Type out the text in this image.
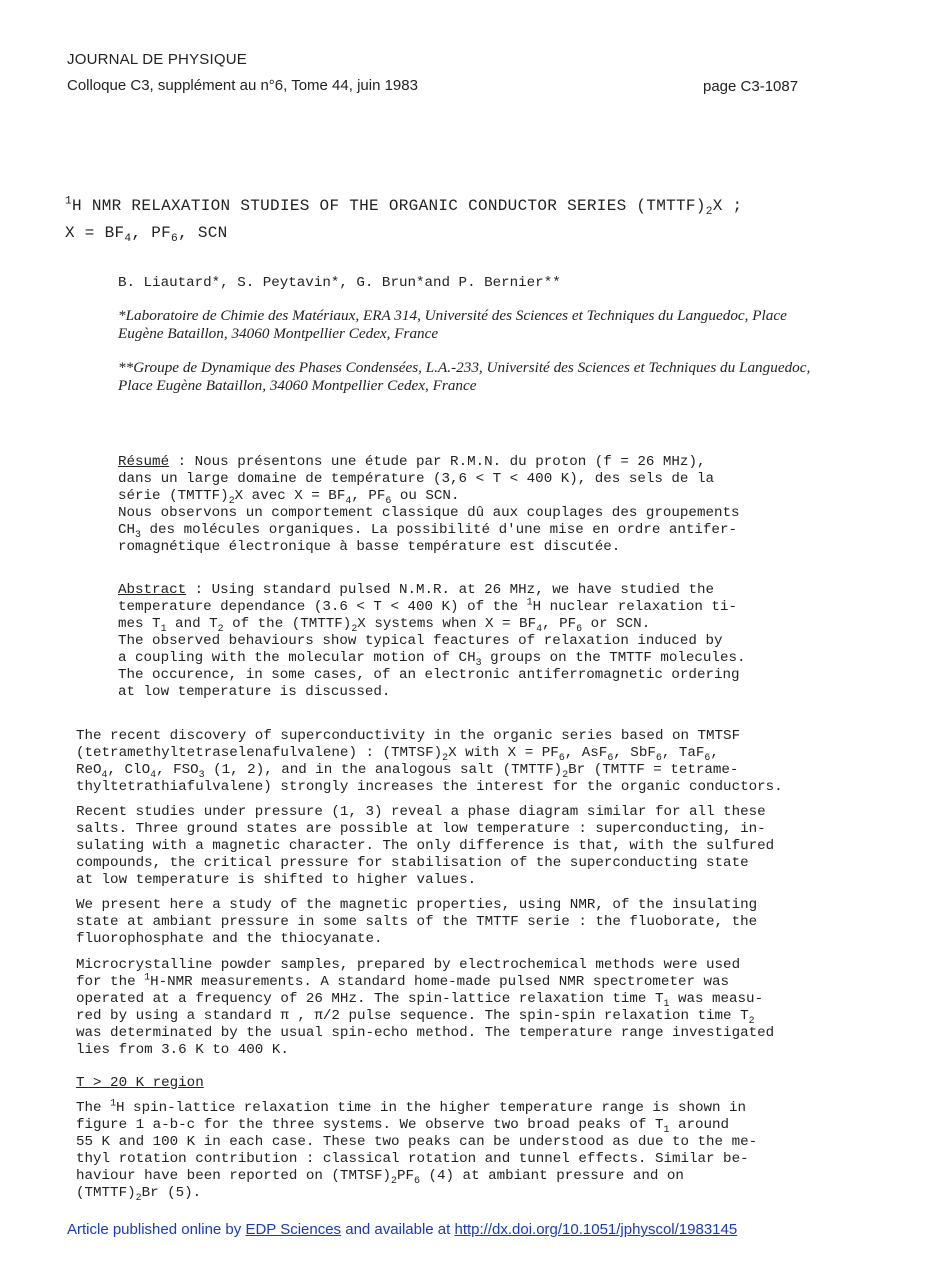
JOURNAL DE PHYSIQUE
Colloque C3, supplément au n°6, Tome 44, juin 1983	page C3-1087
$^1$H NMR RELAXATION STUDIES OF THE ORGANIC CONDUCTOR SERIES $(TMTTF)_2X$ ;
$X = BF_4$, $PF_6$, SCN
B. Liautard*, S. Peytavin*, G. Brun*and P. Bernier**
*Laboratoire de Chimie des Matériaux, ERA 314, Université des Sciences et Techniques du Languedoc, Place Eugène Bataillon, 34060 Montpellier Cedex, France
**Groupe de Dynamique des Phases Condensées, L.A.-233, Université des Sciences et Techniques du Languedoc, Place Eugène Bataillon, 34060 Montpellier Cedex, France

Résumé : Nous présentons une étude par R.M.N. du proton (f = 26 MHz),

dans un large domaine de température (3,6 < T < 400 K), des sels de la

série $(TMTTF)_2X$ avec $X = BF_4$, $PF_6$ ou SCN.

Nous observons un comportement classique dû aux couplages des groupements

$CH_3$ des molécules organiques. La possibilité d'une mise en ordre antifer-

romagnétique électronique à basse température est discutée.

Abstract : Using standard pulsed N.M.R. at 26 MHz, we have studied the

temperature dependance (3.6 < T < 400 K) of the $^1$H nuclear relaxation ti-

mes $T_1$ and $T_2$ of the $(TMTTF)_2X$ systems when $X = BF_4$, $PF_6$ or SCN.

The observed behaviours show typical feactures of relaxation induced by

a coupling with the molecular motion of $CH_3$ groups on the TMTTF molecules.

The occurence, in some cases, of an electronic antiferromagnetic ordering

at low temperature is discussed.

The recent discovery of superconductivity in the organic series based on TMTSF

(tetramethyltetraselenafulvalene) : $(TMTSF)_2X$ with $X = PF_6$, AsF$_6$, SbF$_6$, TaF$_6$,

ReO$_4$, ClO$_4$, $FSO_3$ (1, 2), and in the analogous salt $(TMTTF)_2Br$ (TMTTF = tetrame-

thyltetrathiafulvalene) strongly increases the interest for the organic conductors.

Recent studies under pressure (1, 3) reveal a phase diagram similar for all these

salts. Three ground states are possible at low temperature : superconducting, in-

sulating with a magnetic character. The only difference is that, with the sulfured

compounds, the critical pressure for stabilisation of the superconducting state

at low temperature is shifted to higher values.

We present here a study of the magnetic properties, using NMR, of the insulating

state at ambiant pressure in some salts of the TMTTF serie : the fluoborate, the

fluorophosphate and the thiocyanate.

Microcrystalline powder samples, prepared by electrochemical methods were used

for the $^1$H-NMR measurements. A standard home-made pulsed NMR spectrometer was

operated at a frequency of 26 MHz. The spin-lattice relaxation time $T_1$ was measu-

red by using a standard π , π/2 pulse sequence. The spin-spin relaxation time $T_2$

was determinated by the usual spin-echo method. The temperature range investigated

lies from 3.6 K to 400 K.

T > 20 K region

The $^1$H spin-lattice relaxation time in the higher temperature range is shown in

figure 1 a-b-c for the three systems. We observe two broad peaks of $T_1$ around

55 K and 100 K in each case. These two peaks can be understood as due to the me-

thyl rotation contribution : classical rotation and tunnel effects. Similar be-

haviour have been reported on $(TMTSF)_2PF_6$ (4) at ambiant pressure and on

$(TMTTF)_2Br$ (5).

Article published online by EDP Sciences and available at http://dx.doi.org/10.1051/jphyscol/1983145
